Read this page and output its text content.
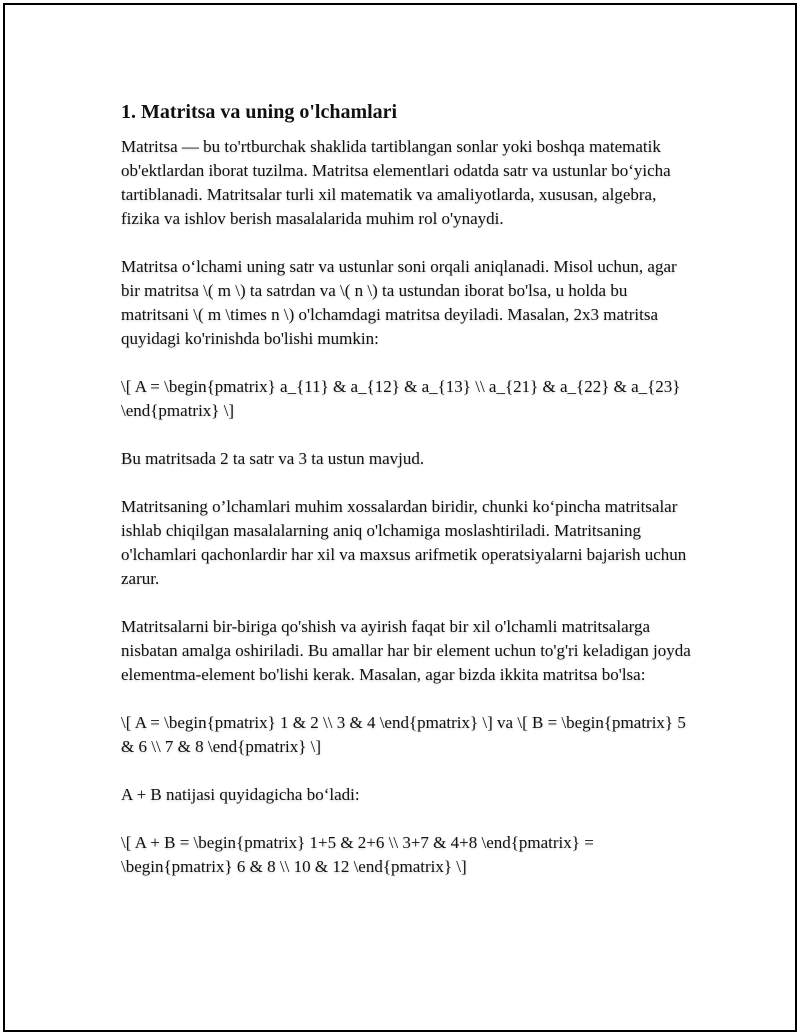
1. Matritsa va uning o'lchamlari

Matritsa — bu to'rtburchak shaklida tartiblangan sonlar yoki boshqa matematik ob'ektlardan iborat tuzilma. Matritsa elementlari odatda satr va ustunlar bo‘yicha tartiblanadi. Matritsalar turli xil matematik va amaliyotlarda, xususan, algebra, fizika va ishlov berish masalalarida muhim rol o'ynaydi.

Matritsa o‘lchami uning satr va ustunlar soni orqali aniqlanadi. Misol uchun, agar bir matritsa \( m \) ta satrdan va \( n \) ta ustundan iborat bo'lsa, u holda bu matritsani \( m \times n \) o'lchamdagi matritsa deyiladi. Masalan, 2x3 matritsa quyidagi ko'rinishda bo'lishi mumkin:

\[ A = \begin{pmatrix} a_{11} & a_{12} & a_{13} \\ a_{21} & a_{22} & a_{23} \end{pmatrix} \]

Bu matritsada 2 ta satr va 3 ta ustun mavjud.

Matritsaning o’lchamlari muhim xossalardan biridir, chunki ko‘pincha matritsalar ishlab chiqilgan masalalarning aniq o'lchamiga moslashtiriladi. Matritsaning o'lchamlari qachonlardir har xil va maxsus arifmetik operatsiyalarni bajarish uchun zarur.

Matritsalarni bir-biriga qo'shish va ayirish faqat bir xil o'lchamli matritsalarga nisbatan amalga oshiriladi. Bu amallar har bir element uchun to'g'ri keladigan joyda elementma-element bo'lishi kerak. Masalan, agar bizda ikkita matritsa bo'lsa:

\[ A = \begin{pmatrix} 1 & 2 \\ 3 & 4 \end{pmatrix} \] va \[ B = \begin{pmatrix} 5 & 6 \\ 7 & 8 \end{pmatrix} \]

A + B natijasi quyidagicha bo‘ladi:

\[ A + B = \begin{pmatrix} 1+5 & 2+6 \\ 3+7 & 4+8 \end{pmatrix} = \begin{pmatrix} 6 & 8 \\ 10 & 12 \end{pmatrix} \]
